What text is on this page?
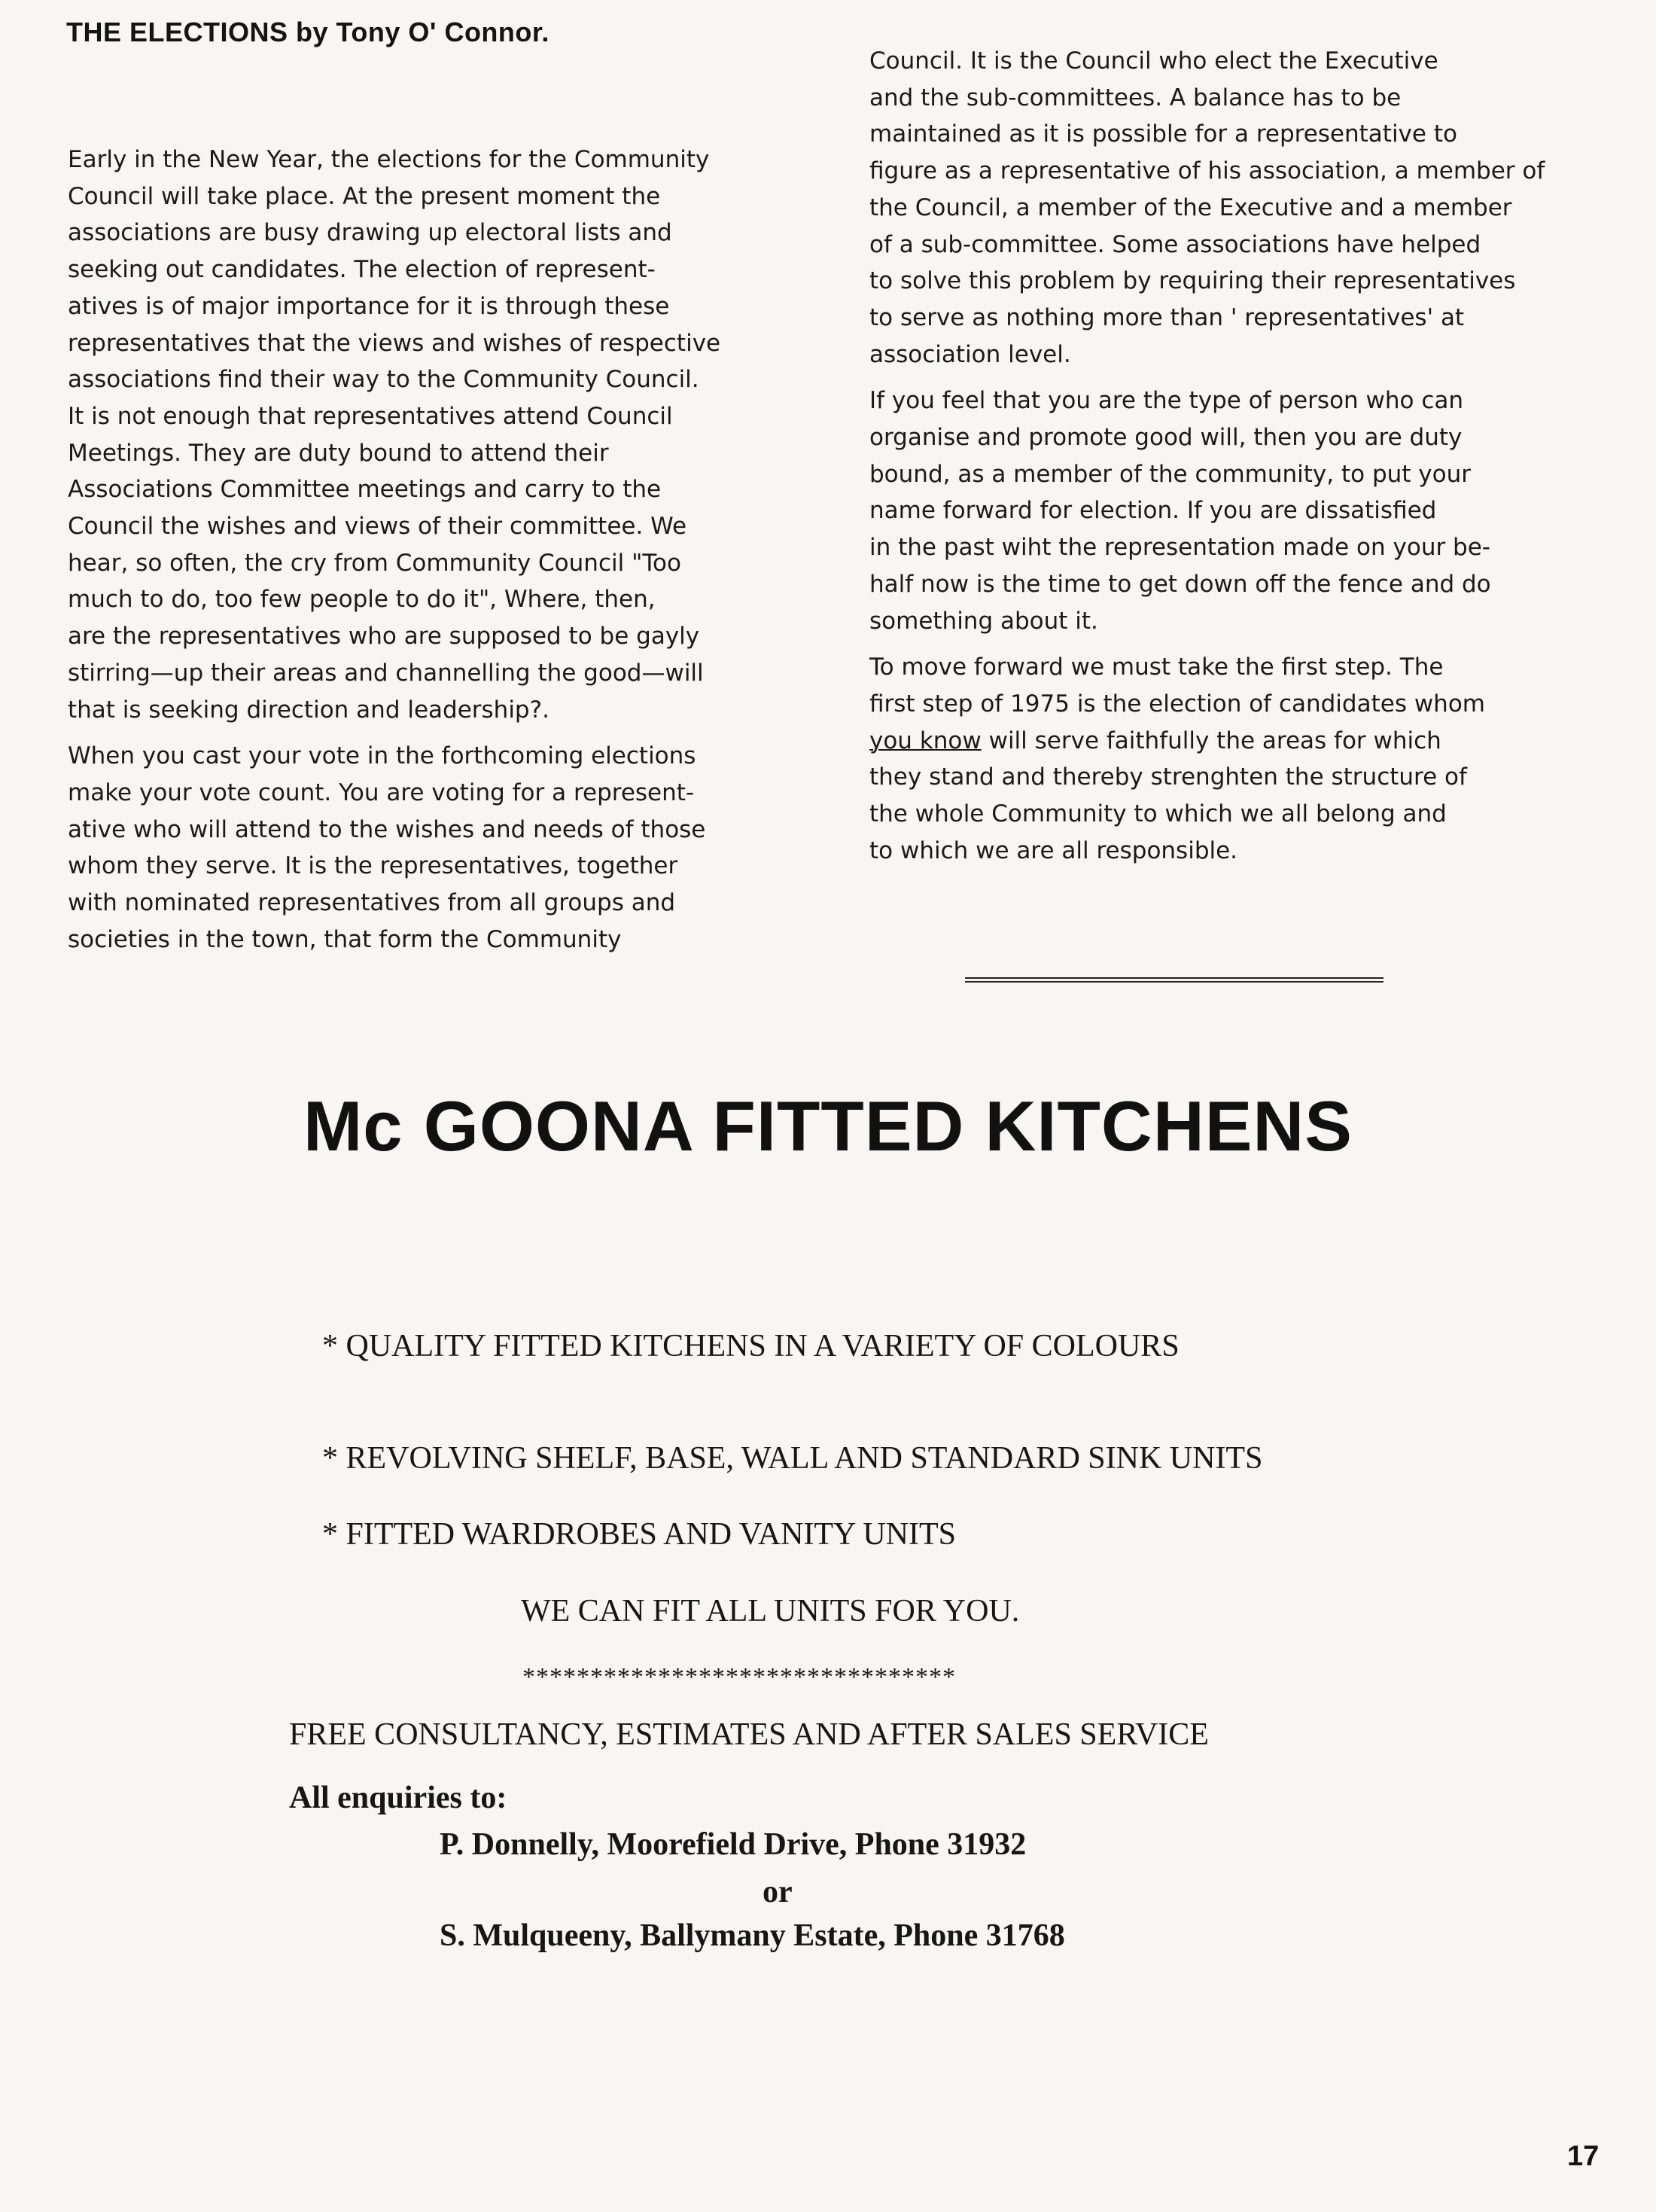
THE ELECTIONS by Tony O' Connor.

Early in the New Year, the elections for the Community
Council will take place. At the present moment the
associations are busy drawing up electoral lists and
seeking out candidates. The election of represent-
atives is of major importance for it is through these
representatives that the views and wishes of respective
associations find their way to the Community Council.
It is not enough that representatives attend Council
Meetings. They are duty bound to attend their
Associations Committee meetings and carry to the
Council the wishes and views of their committee. We
hear, so often, the cry from Community Council "Too
much to do, too few people to do it", Where, then,
are the representatives who are supposed to be gayly
stirring—up their areas and channelling the good—will
that is seeking direction and leadership?.

When you cast your vote in the forthcoming elections
make your vote count. You are voting for a represent-
ative who will attend to the wishes and needs of those
whom they serve. It is the representatives, together
with nominated representatives from all groups and
societies in the town, that form the Community

Council. It is the Council who elect the Executive
and the sub-committees. A balance has to be
maintained as it is possible for a representative to
figure as a representative of his association, a member of
the Council, a member of the Executive and a member
of a sub-committee. Some associations have helped
to solve this problem by requiring their representatives
to serve as nothing more than ' representatives' at
association level.

If you feel that you are the type of person who can
organise and promote good will, then you are duty
bound, as a member of the community, to put your
name forward for election. If you are dissatisfied
in the past wiht the representation made on your be-
half now is the time to get down off the fence and do
something about it.

To move forward we must take the first step. The
first step of 1975 is the election of candidates whom
you know will serve faithfully the areas for which
they stand and thereby strenghten the structure of
the whole Community to which we all belong and
to which we are all responsible.

Mc GOONA FITTED KITCHENS
* QUALITY FITTED KITCHENS IN A VARIETY OF COLOURS
* REVOLVING SHELF, BASE, WALL AND STANDARD SINK UNITS
* FITTED WARDROBES AND VANITY UNITS
WE CAN FIT ALL UNITS FOR YOU.
********************************
FREE CONSULTANCY, ESTIMATES AND AFTER SALES SERVICE
All enquiries to:
P. Donnelly, Moorefield Drive, Phone 31932
or
S. Mulqueeny, Ballymany Estate, Phone 31768
17
